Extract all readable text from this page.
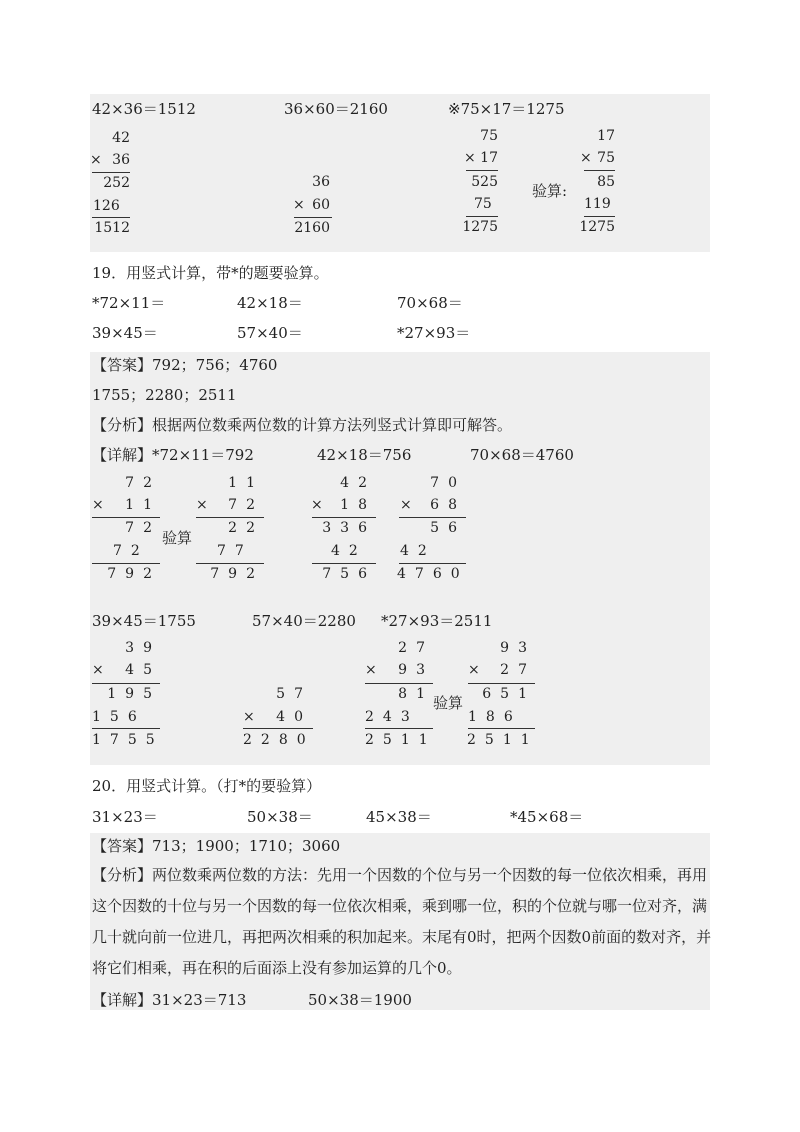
42×36＝1512	36×60＝2160	※75×17＝1275
42
× 36
252
126
1512
36
× 60
2160
75
× 17
525
75
1275
验算:
17
× 75
85
119
1275
19．用竖式计算，带*的题要验算。
*72×11＝	42×18＝	70×68＝
39×45＝	57×40＝	*27×93＝
【答案】792；756；4760
1755；2280；2511
【分析】根据两位数乘两位数的计算方法列竖式计算即可解答。
【详解】*72×11＝792	42×18＝756	70×68＝4760
72
×	11
72
72
792
验算
11
×	72
22
77
792
42
×	18
336
42
756
70
×	68
56
42
4760
39×45＝1755	57×40＝2280 *27×93＝2511
39
×	45
195
156
1755
57
×	40
2280
27
×	93
81
243
2511
验算
93
×	27
651
186
2511
20．用竖式计算。（打*的要验算）
31×23＝	50×38＝	45×38＝	*45×68＝
【答案】713；1900；1710；3060
【分析】两位数乘两位数的方法：先用一个因数的个位与另一个因数的每一位依次相乘，再用这个因数的十位与另一个因数的每一位依次相乘，乘到哪一位，积的个位就与哪一位对齐，满几十就向前一位进几，再把两次相乘的积加起来。末尾有0时，把两个因数0前面的数对齐，并将它们相乘，再在积的后面添上没有参加运算的几个0。
【详解】31×23＝713	50×38＝1900
